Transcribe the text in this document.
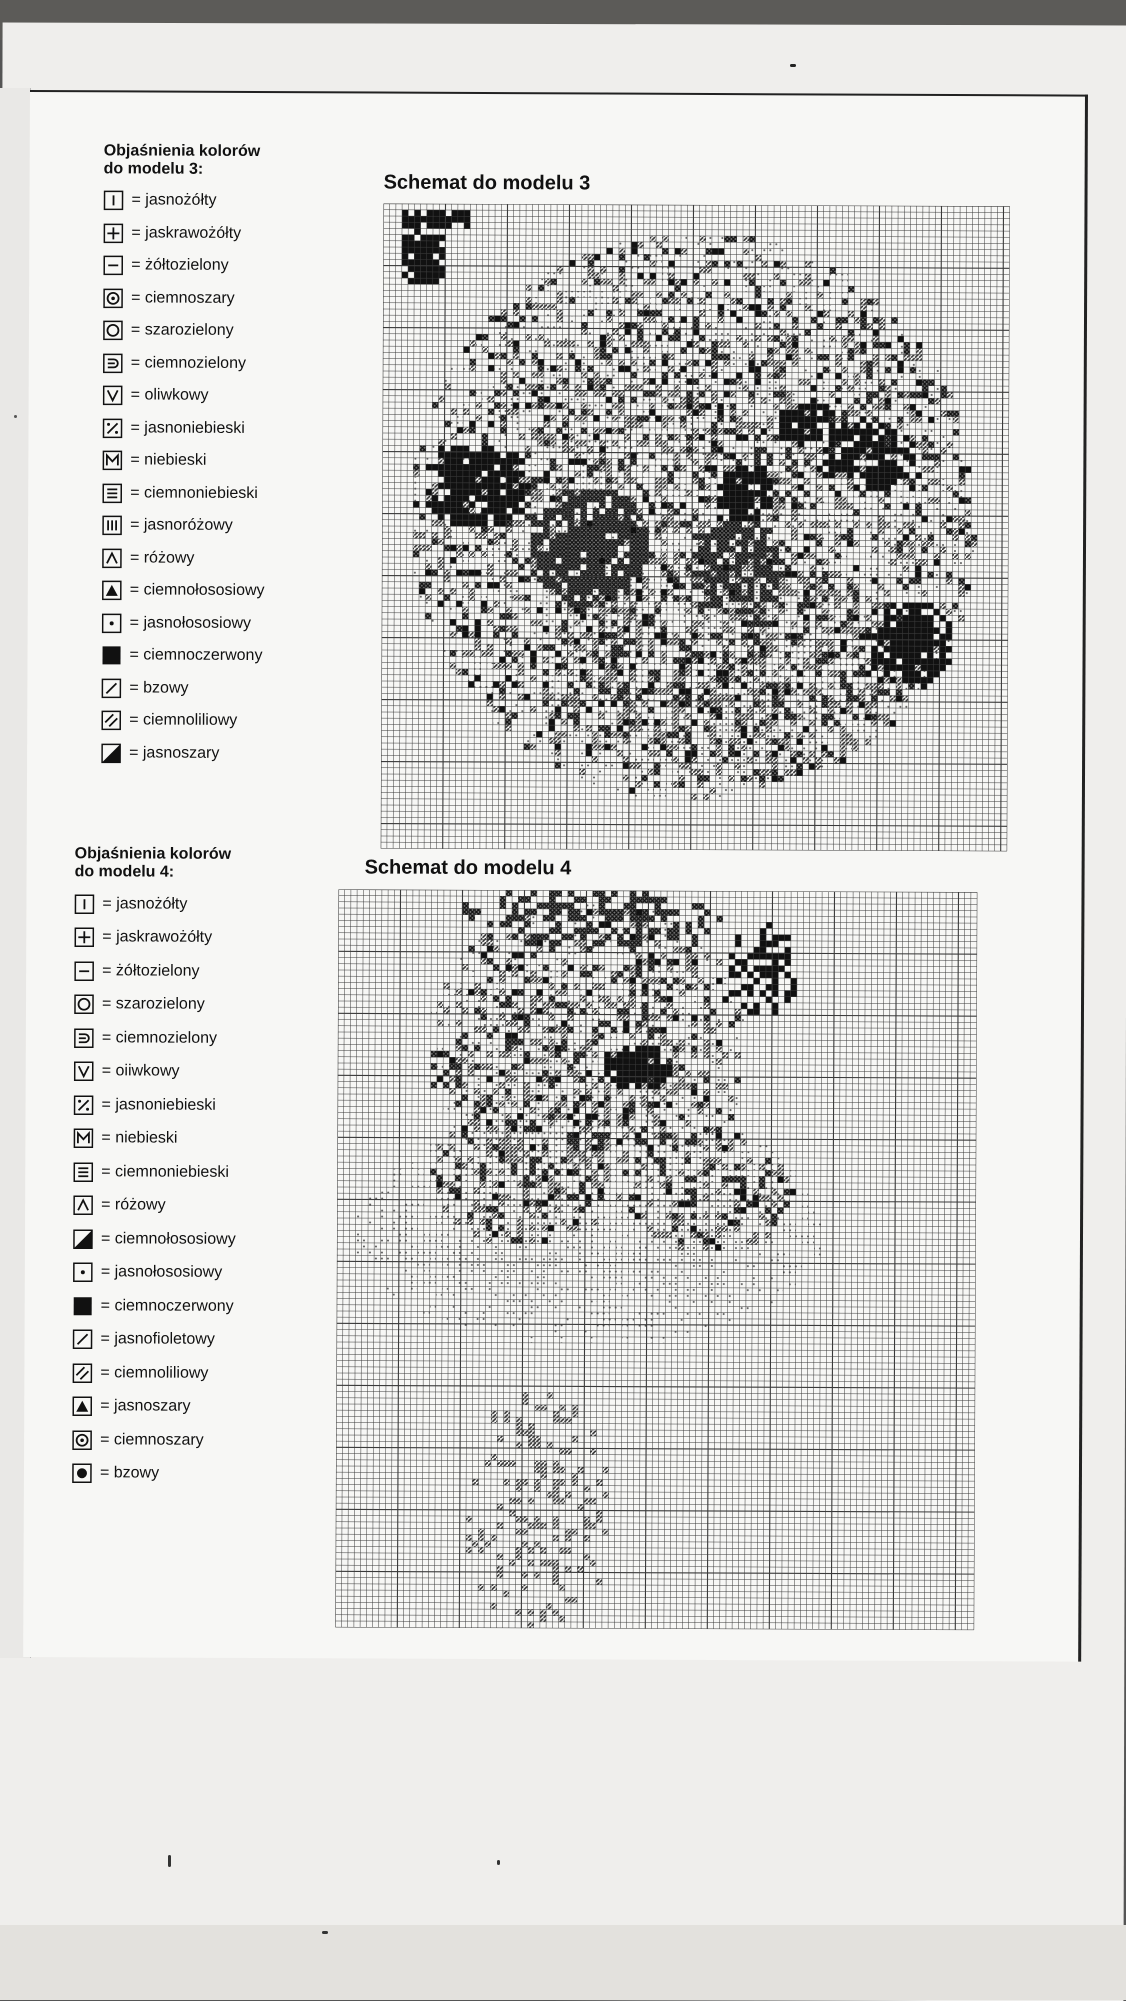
Objaśnienia kolorów
do modelu 3:
= jasnożółty
= jaskrawożółty
= żółtozielony
= ciemnoszary
= szarozielony
= ciemnozielony
= oliwkowy
= jasnoniebieski
= niebieski
= ciemnoniebieski
= jasnoróżowy
= różowy
= ciemnołososiowy
= jasnołososiowy
= ciemnoczerwony
= bzowy
= ciemnoliliowy
= jasnoszary
Objaśnienia kolorów
do modelu 4:
= jasnożółty
= jaskrawożółty
= żółtozielony
= szarozielony
= ciemnozielony
= oiiwkowy
= jasnoniebieski
= niebieski
= ciemnoniebieski
= różowy
= ciemnołososiowy
= jasnołososiowy
= ciemnoczerwony
= jasnofioletowy
= ciemnoliliowy
= jasnoszary
= ciemnoszary
= bzowy
Schemat do modelu 3
Schemat do modelu 4
